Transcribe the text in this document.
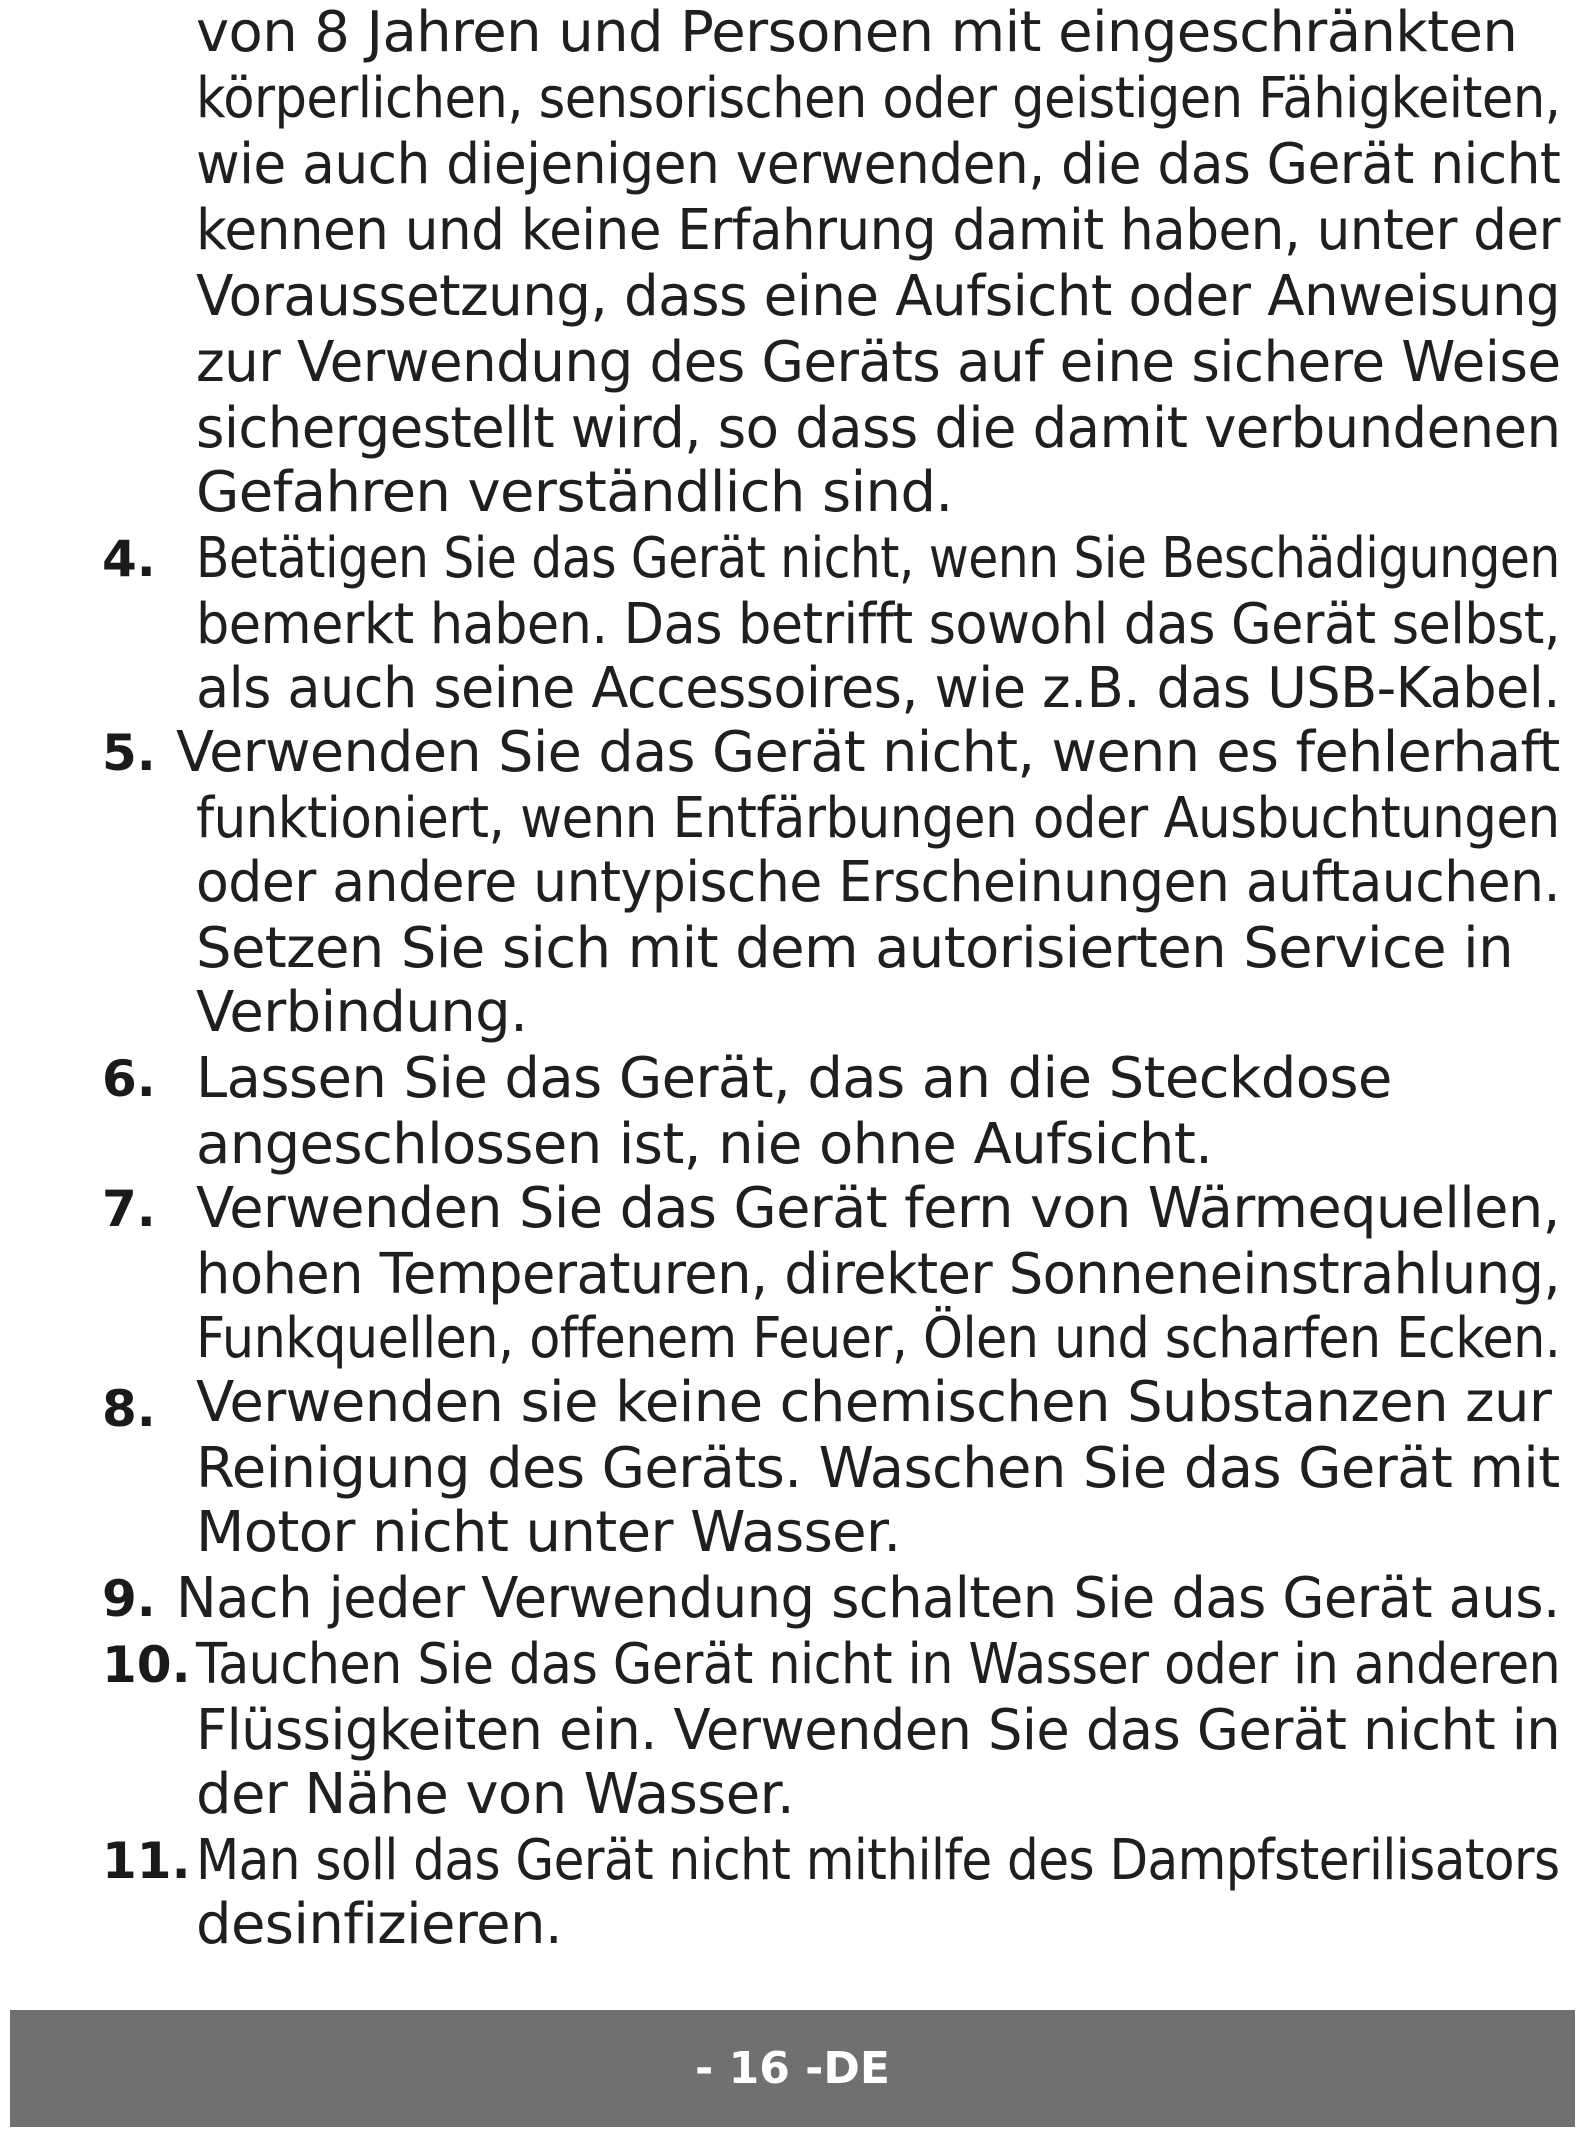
von 8 Jahren und Personen mit eingeschränkten
körperlichen, sensorischen oder geistigen Fähigkeiten,
wie auch diejenigen verwenden, die das Gerät nicht
kennen und keine Erfahrung damit haben, unter der
Voraussetzung, dass eine Aufsicht oder Anweisung
zur Verwendung des Geräts auf eine sichere Weise
sichergestellt wird, so dass die damit verbundenen
Gefahren verständlich sind.
4. Betätigen Sie das Gerät nicht, wenn Sie Beschädigungen
bemerkt haben. Das betrifft sowohl das Gerät selbst,
als auch seine Accessoires, wie z.B. das USB-Kabel.
5. Verwenden Sie das Gerät nicht, wenn es fehlerhaft
funktioniert, wenn Entfärbungen oder Ausbuchtungen
oder andere untypische Erscheinungen auftauchen.
Setzen Sie sich mit dem autorisierten Service in
Verbindung.
6. Lassen Sie das Gerät, das an die Steckdose
angeschlossen ist, nie ohne Aufsicht.
7. Verwenden Sie das Gerät fern von Wärmequellen,
hohen Temperaturen, direkter Sonneneinstrahlung,
Funkquellen, offenem Feuer, Ölen und scharfen Ecken.
8. Verwenden sie keine chemischen Substanzen zur
Reinigung des Geräts. Waschen Sie das Gerät mit
Motor nicht unter Wasser.
9. Nach jeder Verwendung schalten Sie das Gerät aus.
10. Tauchen Sie das Gerät nicht in Wasser oder in anderen
Flüssigkeiten ein. Verwenden Sie das Gerät nicht in
der Nähe von Wasser.
11. Man soll das Gerät nicht mithilfe des Dampfsterilisators
desinfizieren.
- 16 -DE
